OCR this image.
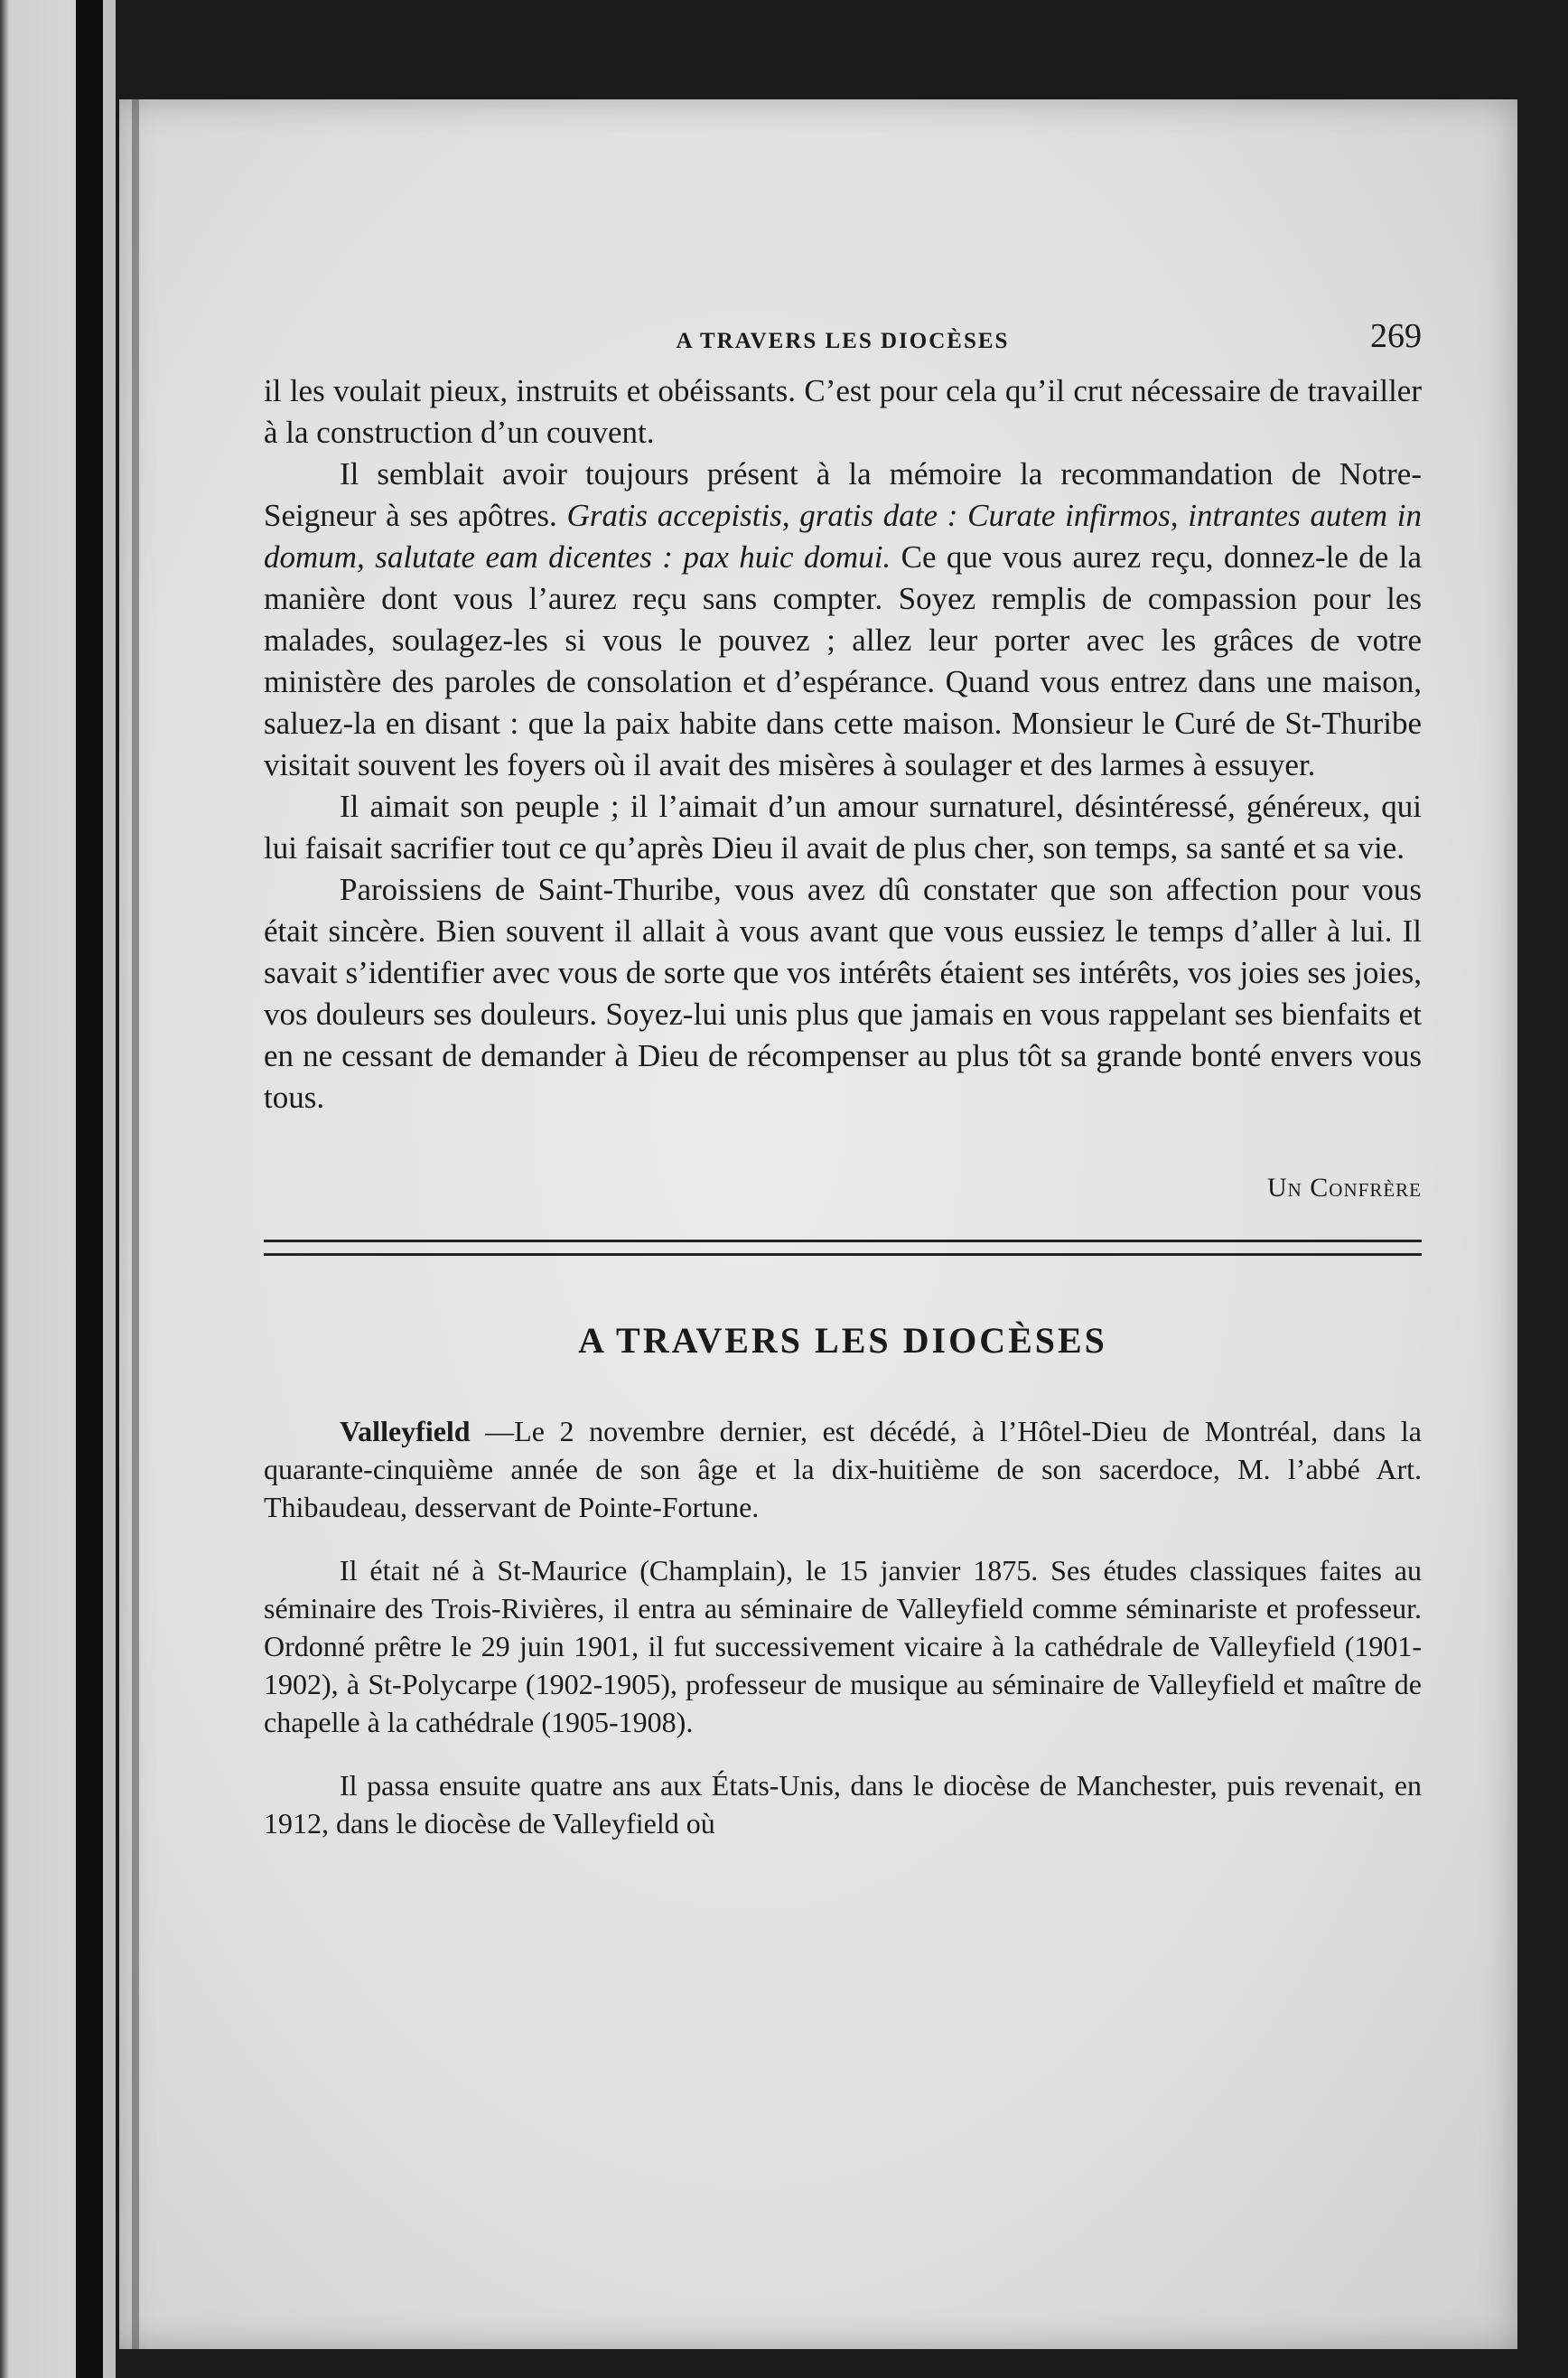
A TRAVERS LES DIOCÈSES	269

il les voulait pieux, instruits et obéissants. C’est pour cela qu’il crut nécessaire de travailler à la construction d’un couvent.

Il semblait avoir toujours présent à la mémoire la recommandation de Notre-Seigneur à ses apôtres. Gratis accepistis, gratis date : Curate infirmos, intrantes autem in domum, salutate eam dicentes : pax huic domui. Ce que vous aurez reçu, donnez-le de la manière dont vous l’aurez reçu sans compter. Soyez remplis de compassion pour les malades, soulagez-les si vous le pouvez ; allez leur porter avec les grâces de votre ministère des paroles de consolation et d’espérance. Quand vous entrez dans une maison, saluez-la en disant : que la paix habite dans cette maison. Monsieur le Curé de St-Thuribe visitait souvent les foyers où il avait des misères à soulager et des larmes à essuyer.

Il aimait son peuple ; il l’aimait d’un amour surnaturel, désintéressé, généreux, qui lui faisait sacrifier tout ce qu’après Dieu il avait de plus cher, son temps, sa santé et sa vie.

Paroissiens de Saint-Thuribe, vous avez dû constater que son affection pour vous était sincère. Bien souvent il allait à vous avant que vous eussiez le temps d’aller à lui. Il savait s’identifier avec vous de sorte que vos intérêts étaient ses intérêts, vos joies ses joies, vos douleurs ses douleurs. Soyez-lui unis plus que jamais en vous rappelant ses bienfaits et en ne cessant de demander à Dieu de récompenser au plus tôt sa grande bonté envers vous tous.

Un Confrère
A TRAVERS LES DIOCÈSES

Valleyfield —Le 2 novembre dernier, est décédé, à l’Hôtel-Dieu de Montréal, dans la quarante-cinquième année de son âge et la dix-huitième de son sacerdoce, M. l’abbé Art. Thibaudeau, desservant de Pointe-Fortune.

Il était né à St-Maurice (Champlain), le 15 janvier 1875. Ses études classiques faites au séminaire des Trois-Rivières, il entra au séminaire de Valleyfield comme séminariste et professeur. Ordonné prêtre le 29 juin 1901, il fut successivement vicaire à la cathédrale de Valleyfield (1901-1902), à St-Polycarpe (1902-1905), professeur de musique au séminaire de Valleyfield et maître de chapelle à la cathédrale (1905-1908).

Il passa ensuite quatre ans aux États-Unis, dans le diocèse de Manchester, puis revenait, en 1912, dans le diocèse de Valleyfield où
